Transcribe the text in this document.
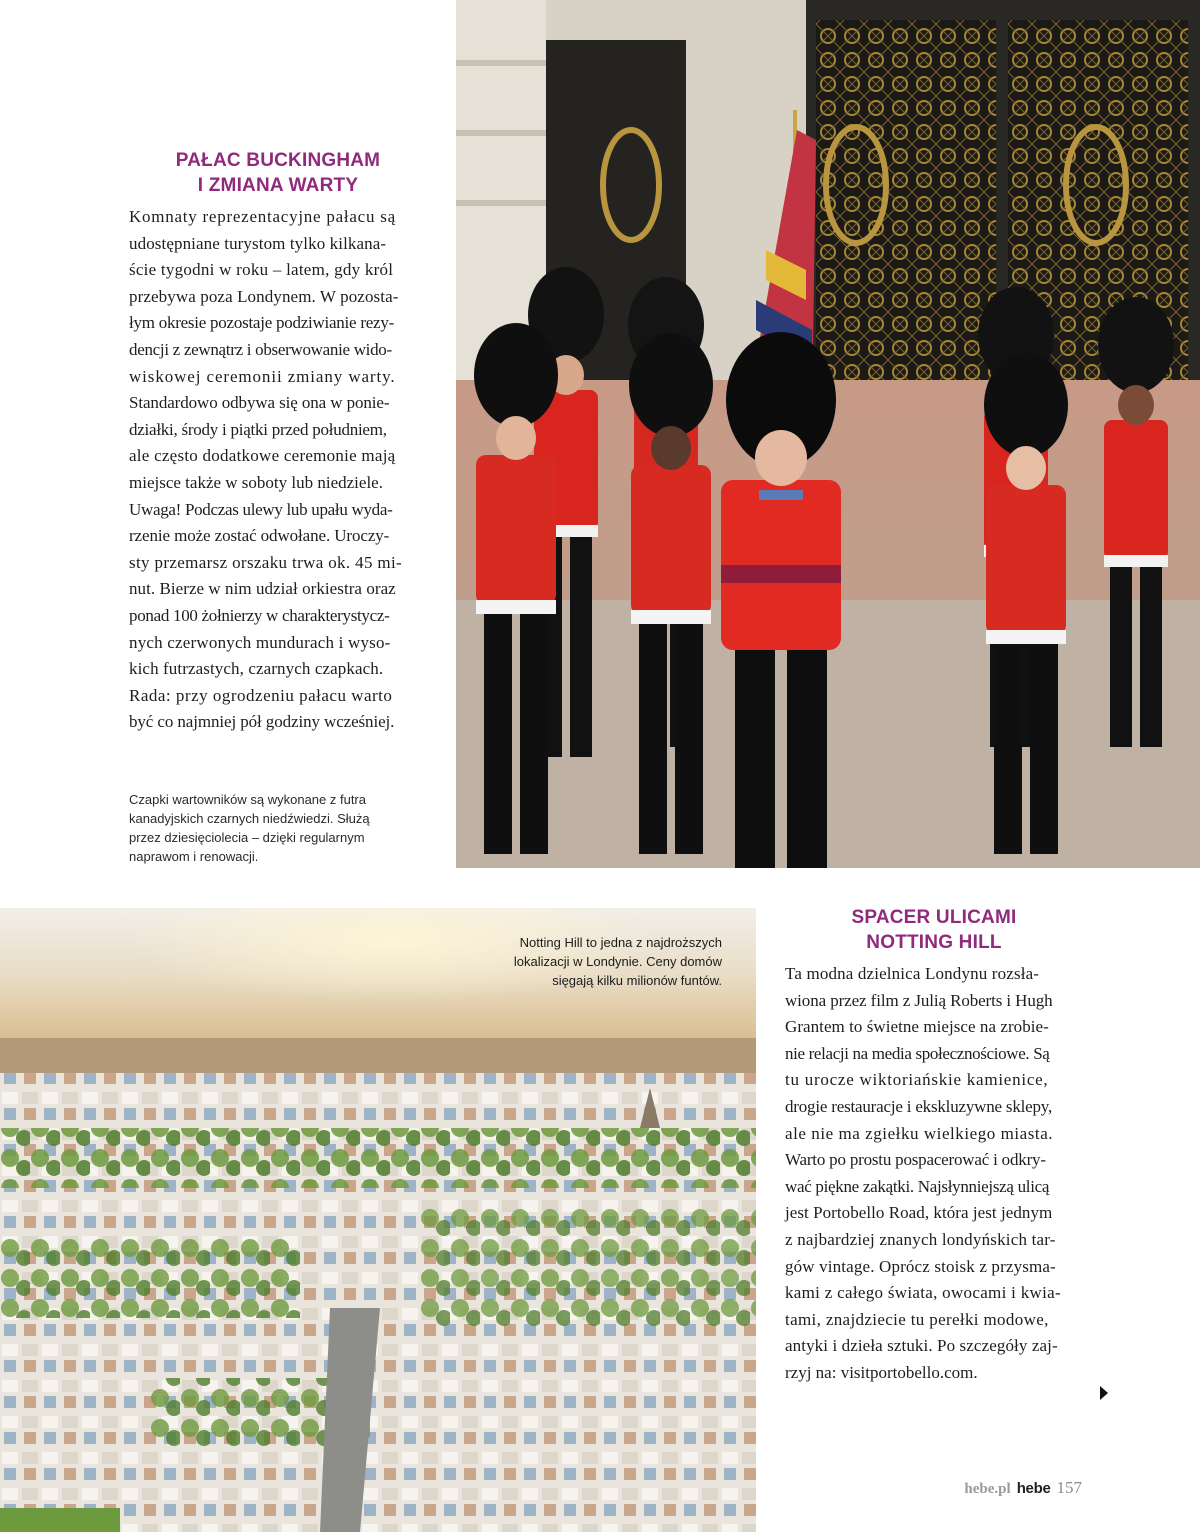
PAŁAC BUCKINGHAM
I ZMIANA WARTY
Komnaty reprezentacyjne pałacu są
udostępniane turystom tylko kilkana-
ście tygodni w roku – latem, gdy król
przebywa poza Londynem. W pozosta-
łym okresie pozostaje podziwianie rezy-
dencji z zewnątrz i obserwowanie wido-
wiskowej ceremonii zmiany warty.
Standardowo odbywa się ona w ponie-
działki, środy i piątki przed południem,
ale często dodatkowe ceremonie mają
miejsce także w soboty lub niedziele.
Uwaga! Podczas ulewy lub upału wyda-
rzenie może zostać odwołane. Uroczy-
sty przemarsz orszaku trwa ok. 45 mi-
nut. Bierze w nim udział orkiestra oraz
ponad 100 żołnierzy w charakterystycz-
nych czerwonych mundurach i wyso-
kich futrzastych, czarnych czapkach.
Rada: przy ogrodzeniu pałacu warto
być co najmniej pół godziny wcześniej.
Czapki wartowników są wykonane z futra
kanadyjskich czarnych niedźwiedzi. Służą
przez dziesięciolecia – dzięki regularnym
naprawom i renowacji.
Notting Hill to jedna z najdroższych
lokalizacji w Londynie. Ceny domów
sięgają kilku milionów funtów.
SPACER ULICAMI
NOTTING HILL
Ta modna dzielnica Londynu rozsła-
wiona przez film z Julią Roberts i Hugh
Grantem to świetne miejsce na zrobie-
nie relacji na media społecznościowe. Są
tu urocze wiktoriańskie kamienice,
drogie restauracje i ekskluzywne sklepy,
ale nie ma zgiełku wielkiego miasta.
Warto po prostu pospacerować i odkry-
wać piękne zakątki. Najsłynniejszą ulicą
jest Portobello Road, która jest jednym
z najbardziej znanych londyńskich tar-
gów vintage. Oprócz stoisk z przysma-
kami z całego świata, owocami i kwia-
tami, znajdziecie tu perełki modowe,
antyki i dzieła sztuki. Po szczegóły zaj-
rzyj na: visitportobello.com.
hebe.pl hebe 157
